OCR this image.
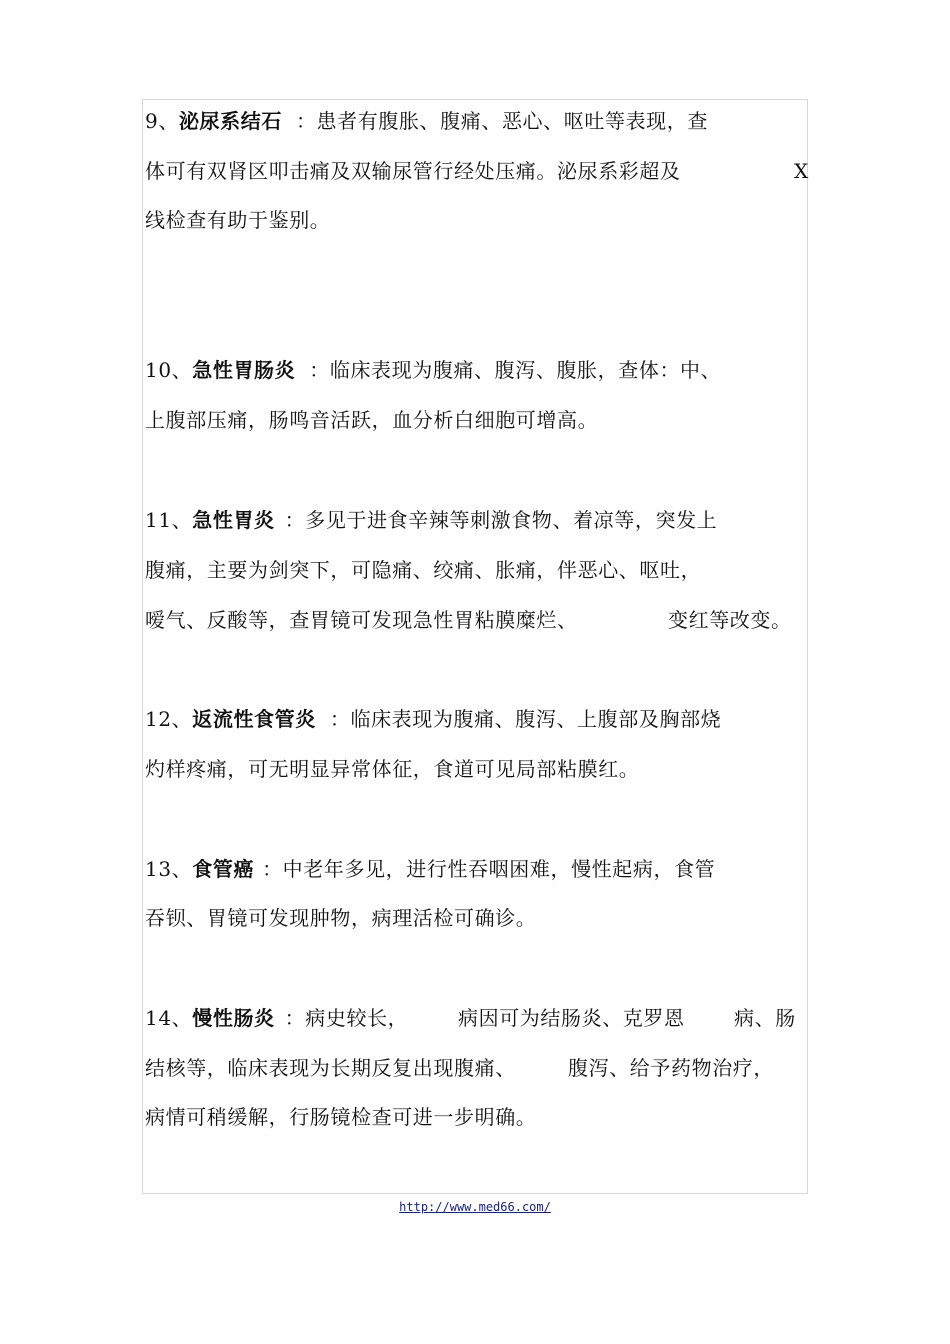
9、泌尿系结石 ：患者有腹胀、腹痛、恶心、呕吐等表现，查
体可有双肾区叩击痛及双输尿管行经处压痛。泌尿系彩超及	X
线检查有助于鉴别。
10、急性胃肠炎 ：临床表现为腹痛、腹泻、腹胀，查体：中、
上腹部压痛，肠鸣音活跃，血分析白细胞可增高。
11、急性胃炎 ：多见于进食辛辣等刺激食物、着凉等，突发上
腹痛，主要为剑突下，可隐痛、绞痛、胀痛，伴恶心、呕吐，
嗳气、反酸等，查胃镜可发现急性胃粘膜糜烂、	变红等改变。
12、返流性食管炎 ：临床表现为腹痛、腹泻、上腹部及胸部烧
灼样疼痛，可无明显异常体征，食道可见局部粘膜红。
13、食管癌 ：中老年多见，进行性吞咽困难，慢性起病，食管
吞钡、胃镜可发现肿物，病理活检可确诊。
14、慢性肠炎 ：病史较长， 病因可为结肠炎、克罗恩 病、肠
结核等，临床表现为长期反复出现腹痛、	腹泻、给予药物治疗，
病情可稍缓解，行肠镜检查可进一步明确。
http://www.med66.com/
